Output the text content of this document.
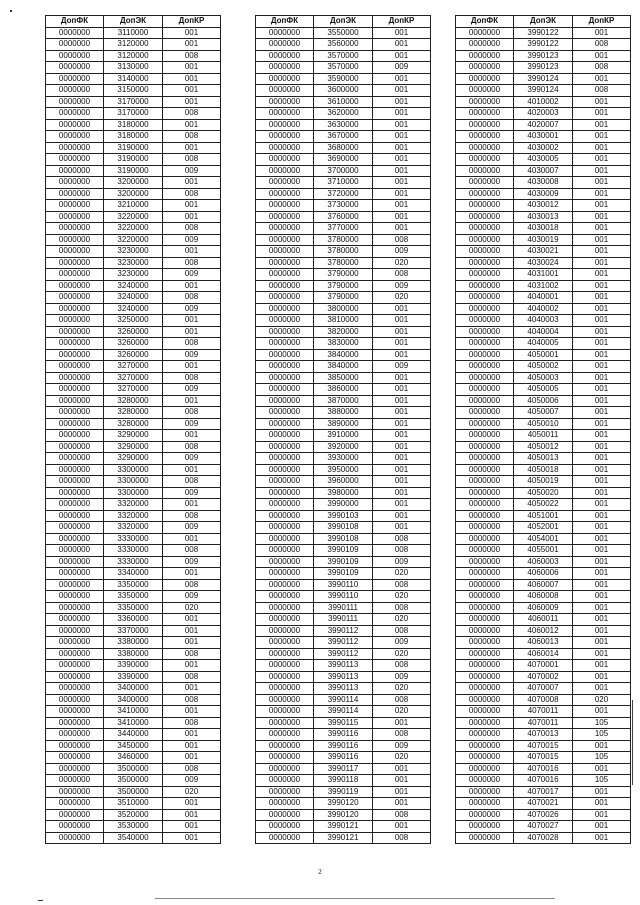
ДопФК	ДопЭК	ДопКР
0000000	3110000	001
0000000	3120000	001
0000000	3120000	008
0000000	3130000	001
0000000	3140000	001
0000000	3150000	001
0000000	3170000	001
0000000	3170000	008
0000000	3180000	001
0000000	3180000	008
0000000	3190000	001
0000000	3190000	008
0000000	3190000	009
0000000	3200000	001
0000000	3200000	008
0000000	3210000	001
0000000	3220000	001
0000000	3220000	008
0000000	3220000	009
0000000	3230000	001
0000000	3230000	008
0000000	3230000	009
0000000	3240000	001
0000000	3240000	008
0000000	3240000	009
0000000	3250000	001
0000000	3260000	001
0000000	3260000	008
0000000	3260000	009
0000000	3270000	001
0000000	3270000	008
0000000	3270000	009
0000000	3280000	001
0000000	3280000	008
0000000	3280000	009
0000000	3290000	001
0000000	3290000	008
0000000	3290000	009
0000000	3300000	001
0000000	3300000	008
0000000	3300000	009
0000000	3320000	001
0000000	3320000	008
0000000	3320000	009
0000000	3330000	001
0000000	3330000	008
0000000	3330000	009
0000000	3340000	001
0000000	3350000	008
0000000	3350000	009
0000000	3350000	020
0000000	3360000	001
0000000	3370000	001
0000000	3380000	001
0000000	3380000	008
0000000	3390000	001
0000000	3390000	008
0000000	3400000	001
0000000	3400000	008
0000000	3410000	001
0000000	3410000	008
0000000	3440000	001
0000000	3450000	001
0000000	3460000	001
0000000	3500000	008
0000000	3500000	009
0000000	3500000	020
0000000	3510000	001
0000000	3520000	001
0000000	3530000	001
0000000	3540000	001
ДопФК	ДопЭК	ДопКР
0000000	3550000	001
0000000	3560000	001
0000000	3570000	001
0000000	3570000	009
0000000	3590000	001
0000000	3600000	001
0000000	3610000	001
0000000	3620000	001
0000000	3630000	001
0000000	3670000	001
0000000	3680000	001
0000000	3690000	001
0000000	3700000	001
0000000	3710000	001
0000000	3720000	001
0000000	3730000	001
0000000	3760000	001
0000000	3770000	001
0000000	3780000	008
0000000	3780000	009
0000000	3780000	020
0000000	3790000	008
0000000	3790000	009
0000000	3790000	020
0000000	3800000	001
0000000	3810000	001
0000000	3820000	001
0000000	3830000	001
0000000	3840000	001
0000000	3840000	009
0000000	3850000	001
0000000	3860000	001
0000000	3870000	001
0000000	3880000	001
0000000	3890000	001
0000000	3910000	001
0000000	3920000	001
0000000	3930000	001
0000000	3950000	001
0000000	3960000	001
0000000	3980000	001
0000000	3990000	001
0000000	3990103	001
0000000	3990108	001
0000000	3990108	008
0000000	3990109	008
0000000	3990109	009
0000000	3990109	020
0000000	3990110	008
0000000	3990110	020
0000000	3990111	008
0000000	3990111	020
0000000	3990112	008
0000000	3990112	009
0000000	3990112	020
0000000	3990113	008
0000000	3990113	009
0000000	3990113	020
0000000	3990114	008
0000000	3990114	020
0000000	3990115	001
0000000	3990116	008
0000000	3990116	009
0000000	3990116	020
0000000	3990117	001
0000000	3990118	001
0000000	3990119	001
0000000	3990120	001
0000000	3990120	008
0000000	3990121	001
0000000	3990121	008
ДопФК	ДопЭК	ДопКР
0000000	3990122	001
0000000	3990122	008
0000000	3990123	001
0000000	3990123	008
0000000	3990124	001
0000000	3990124	008
0000000	4010002	001
0000000	4020003	001
0000000	4020007	001
0000000	4030001	001
0000000	4030002	001
0000000	4030005	001
0000000	4030007	001
0000000	4030008	001
0000000	4030009	001
0000000	4030012	001
0000000	4030013	001
0000000	4030018	001
0000000	4030019	001
0000000	4030021	001
0000000	4030024	001
0000000	4031001	001
0000000	4031002	001
0000000	4040001	001
0000000	4040002	001
0000000	4040003	001
0000000	4040004	001
0000000	4040005	001
0000000	4050001	001
0000000	4050002	001
0000000	4050003	001
0000000	4050005	001
0000000	4050006	001
0000000	4050007	001
0000000	4050010	001
0000000	4050011	001
0000000	4050012	001
0000000	4050013	001
0000000	4050018	001
0000000	4050019	001
0000000	4050020	001
0000000	4050022	001
0000000	4051001	001
0000000	4052001	001
0000000	4054001	001
0000000	4055001	001
0000000	4060003	001
0000000	4060006	001
0000000	4060007	001
0000000	4060008	001
0000000	4060009	001
0000000	4060011	001
0000000	4060012	001
0000000	4060013	001
0000000	4060014	001
0000000	4070001	001
0000000	4070002	001
0000000	4070007	001
0000000	4070008	020
0000000	4070011	001
0000000	4070011	105
0000000	4070013	105
0000000	4070015	001
0000000	4070015	105
0000000	4070016	001
0000000	4070016	105
0000000	4070017	001
0000000	4070021	001
0000000	4070026	001
0000000	4070027	001
0000000	4070028	001
2
